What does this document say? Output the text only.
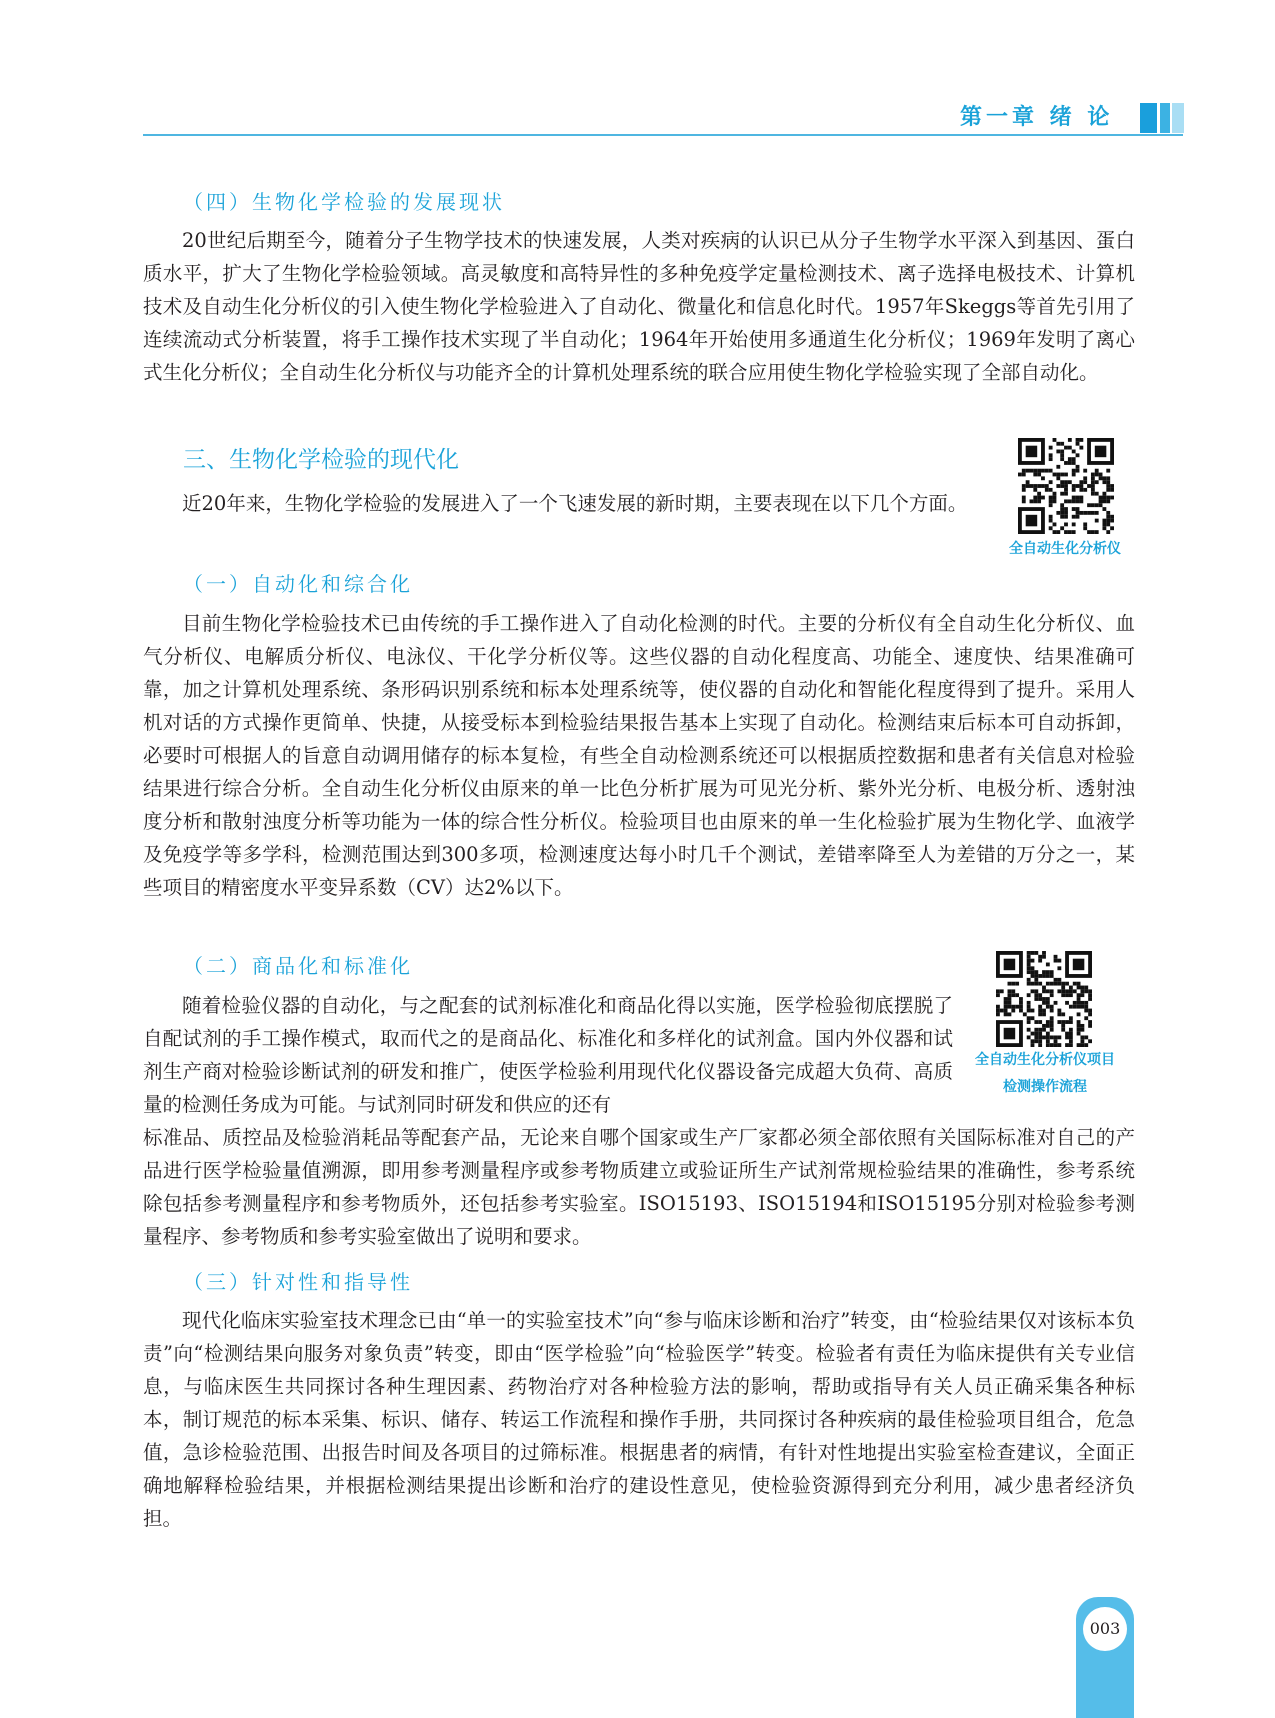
第一章 绪 论
（四）生物化学检验的发展现状

20世纪后期至今，随着分子生物学技术的快速发展，人类对疾病的认识已从分子生物学水平深入到基因、蛋白质水平，扩大了生物化学检验领域。高灵敏度和高特异性的多种免疫学定量检测技术、离子选择电极技术、计算机技术及自动生化分析仪的引入使生物化学检验进入了自动化、微量化和信息化时代。1957年Skeggs等首先引用了连续流动式分析装置，将手工操作技术实现了半自动化；1964年开始使用多通道生化分析仪；1969年发明了离心式生化分析仪；全自动生化分析仪与功能齐全的计算机处理系统的联合应用使生物化学检验实现了全部自动化。

三、生物化学检验的现代化

近20年来，生物化学检验的发展进入了一个飞速发展的新时期，主要表现在以下几个方面。

全自动生化分析仪
（一）自动化和综合化

目前生物化学检验技术已由传统的手工操作进入了自动化检测的时代。主要的分析仪有全自动生化分析仪、血气分析仪、电解质分析仪、电泳仪、干化学分析仪等。这些仪器的自动化程度高、功能全、速度快、结果准确可靠，加之计算机处理系统、条形码识别系统和标本处理系统等，使仪器的自动化和智能化程度得到了提升。采用人机对话的方式操作更简单、快捷，从接受标本到检验结果报告基本上实现了自动化。检测结束后标本可自动拆卸，必要时可根据人的旨意自动调用储存的标本复检，有些全自动检测系统还可以根据质控数据和患者有关信息对检验结果进行综合分析。全自动生化分析仪由原来的单一比色分析扩展为可见光分析、紫外光分析、电极分析、透射浊度分析和散射浊度分析等功能为一体的综合性分析仪。检验项目也由原来的单一生化检验扩展为生物化学、血液学及免疫学等多学科，检测范围达到300多项，检测速度达每小时几千个测试，差错率降至人为差错的万分之一，某些项目的精密度水平变异系数（CV）达2%以下。

全自动生化分析仪项目
检测操作流程
（二）商品化和标准化

随着检验仪器的自动化，与之配套的试剂标准化和商品化得以实施，医学检验彻底摆脱了自配试剂的手工操作模式，取而代之的是商品化、标准化和多样化的试剂盒。国内外仪器和试剂生产商对检验诊断试剂的研发和推广，使医学检验利用现代化仪器设备完成超大负荷、高质量的检测任务成为可能。与试剂同时研发和供应的还有

标准品、质控品及检验消耗品等配套产品，无论来自哪个国家或生产厂家都必须全部依照有关国际标准对自己的产品进行医学检验量值溯源，即用参考测量程序或参考物质建立或验证所生产试剂常规检验结果的准确性，参考系统除包括参考测量程序和参考物质外，还包括参考实验室。ISO15193、ISO15194和ISO15195分别对检验参考测量程序、参考物质和参考实验室做出了说明和要求。

（三）针对性和指导性

现代化临床实验室技术理念已由“单一的实验室技术”向“参与临床诊断和治疗”转变，由“检验结果仅对该标本负责”向“检测结果向服务对象负责”转变，即由“医学检验”向“检验医学”转变。检验者有责任为临床提供有关专业信息，与临床医生共同探讨各种生理因素、药物治疗对各种检验方法的影响，帮助或指导有关人员正确采集各种标本，制订规范的标本采集、标识、储存、转运工作流程和操作手册，共同探讨各种疾病的最佳检验项目组合，危急值，急诊检验范围、出报告时间及各项目的过筛标准。根据患者的病情，有针对性地提出实验室检查建议，全面正确地解释检验结果，并根据检测结果提出诊断和治疗的建设性意见，使检验资源得到充分利用，减少患者经济负担。

003
